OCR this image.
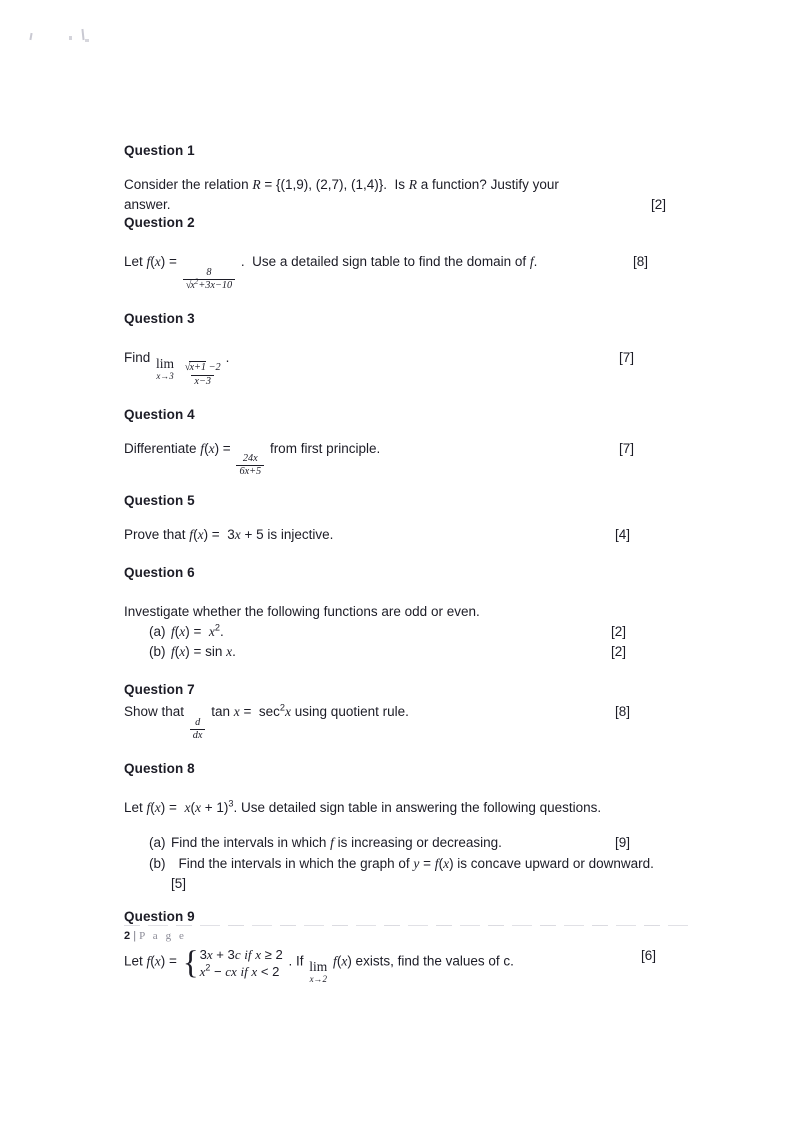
Question 1
Consider the relation R = {(1,9), (2,7), (1,4)}.  Is R a function? Justify your
answer.	[2]
Question 2
Let f(x) =
$\frac{8}{√x^2+3x-10}$
.  Use a detailed sign table to find the domain of f.	[8]
Question 3
Find lim
x→3
$\frac{√x+1 -2}{x-3}$
.	[7]
Question 4
Differentiate f(x) =
$\frac{24x}{6x+5}$
from first principle.	[7]
Question 5
Prove that f(x) =  3x + 5 is injective.	[4]
Question 6
Investigate whether the following functions are odd or even.
(a) $f(x) = x^2$.	[2]
(b) f(x) = sin x.	[2]
Question 7
Show that
$\frac{d}{dx}$
$\tan x = \sec^2x$ using quotient rule.	[8]
Question 8
Let $f(x) = x(x + 1)^3$. Use detailed sign table in answering the following questions.
(a) Find the intervals in which f is increasing or decreasing.	[9]
(b)  Find the intervals in which the graph of y = f(x) is concave upward or downward.
[5]
Question 9
Let f(x) = { 3x + 3c if x ≥ 2
$x^2$ − cx if x < 2
. If lim
x→2
f(x) exists, find the values of c.	[6]
2 | P a g e
